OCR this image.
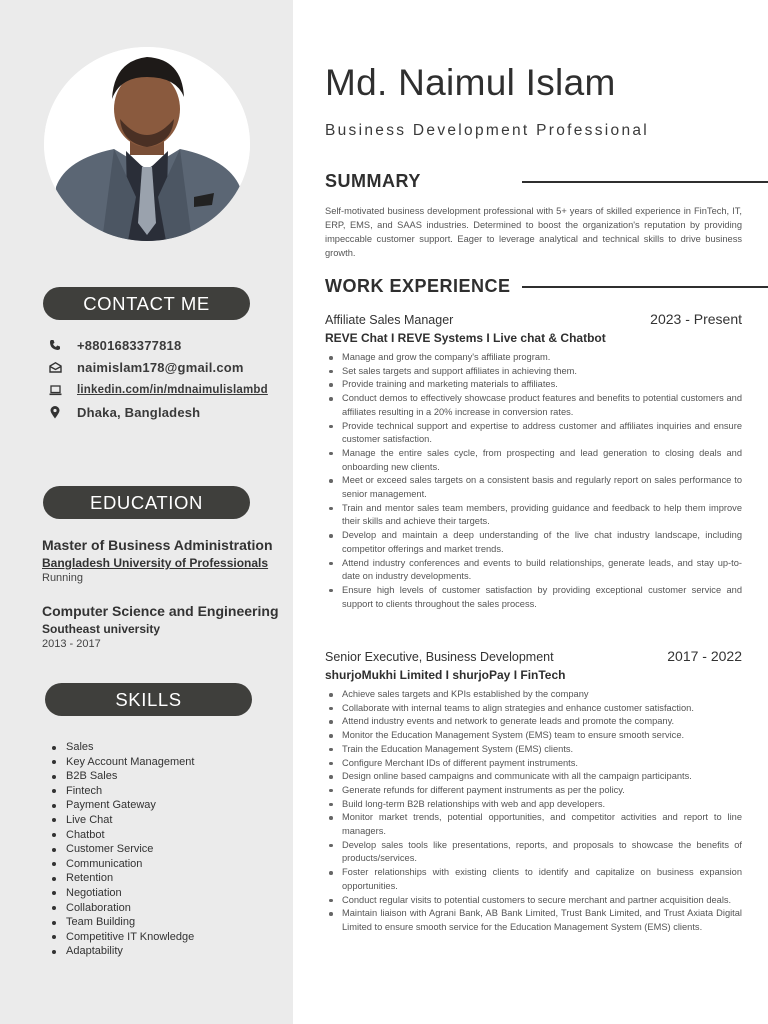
CONTACT ME
+8801683377818
naimislam178@gmail.com
linkedin.com/in/mdnaimulislambd
Dhaka, Bangladesh
EDUCATION
Master of Business Administration
Bangladesh University of Professionals
Running
Computer Science and Engineering
Southeast university
2013 - 2017
SKILLS
Sales
Key Account Management
B2B Sales
Fintech
Payment Gateway
Live Chat
Chatbot
Customer Service
Communication
Retention
Negotiation
Collaboration
Team Building
Competitive IT Knowledge
Adaptability
Md. Naimul Islam
Business Development Professional
SUMMARY
Self-motivated business development professional with 5+ years of skilled experience in FinTech, IT, ERP, EMS, and SAAS industries. Determined to boost the organization's reputation by providing impeccable customer support. Eager to leverage analytical and technical skills to drive business growth.
WORK EXPERIENCE
Affiliate Sales Manager	2023 - Present
REVE Chat I REVE Systems I Live chat & Chatbot
Manage and grow the company's affiliate program.
Set sales targets and support affiliates in achieving them.
Provide training and marketing materials to affiliates.
Conduct demos to effectively showcase product features and benefits to potential customers and affiliates resulting in a 20% increase in conversion rates.
Provide technical support and expertise to address customer and affiliates inquiries and ensure customer satisfaction.
Manage the entire sales cycle, from prospecting and lead generation to closing deals and onboarding new clients.
Meet or exceed sales targets on a consistent basis and regularly report on sales performance to senior management.
Train and mentor sales team members, providing guidance and feedback to help them improve their skills and achieve their targets.
Develop and maintain a deep understanding of the live chat industry landscape, including competitor offerings and market trends.
Attend industry conferences and events to build relationships, generate leads, and stay up-to-date on industry developments.
Ensure high levels of customer satisfaction by providing exceptional customer service and support to clients throughout the sales process.
Senior Executive, Business Development	2017 - 2022
shurjoMukhi Limited I shurjoPay I FinTech
Achieve sales targets and KPIs established by the company
Collaborate with internal teams to align strategies and enhance customer satisfaction.
Attend industry events and network to generate leads and promote the company.
Monitor the Education Management System (EMS) team to ensure smooth service.
Train the Education Management System (EMS) clients.
Configure Merchant IDs of different payment instruments.
Design online based campaigns and communicate with all the campaign participants.
Generate refunds for different payment instruments as per the policy.
Build long-term B2B relationships with web and app developers.
Monitor market trends, potential opportunities, and competitor activities and report to line managers.
Develop sales tools like presentations, reports, and proposals to showcase the benefits of products/services.
Foster relationships with existing clients to identify and capitalize on business expansion opportunities.
Conduct regular visits to potential customers to secure merchant and partner acquisition deals.
Maintain liaison with Agrani Bank, AB Bank Limited, Trust Bank Limited, and Trust Axiata Digital Limited to ensure smooth service for the Education Management System (EMS) clients.
